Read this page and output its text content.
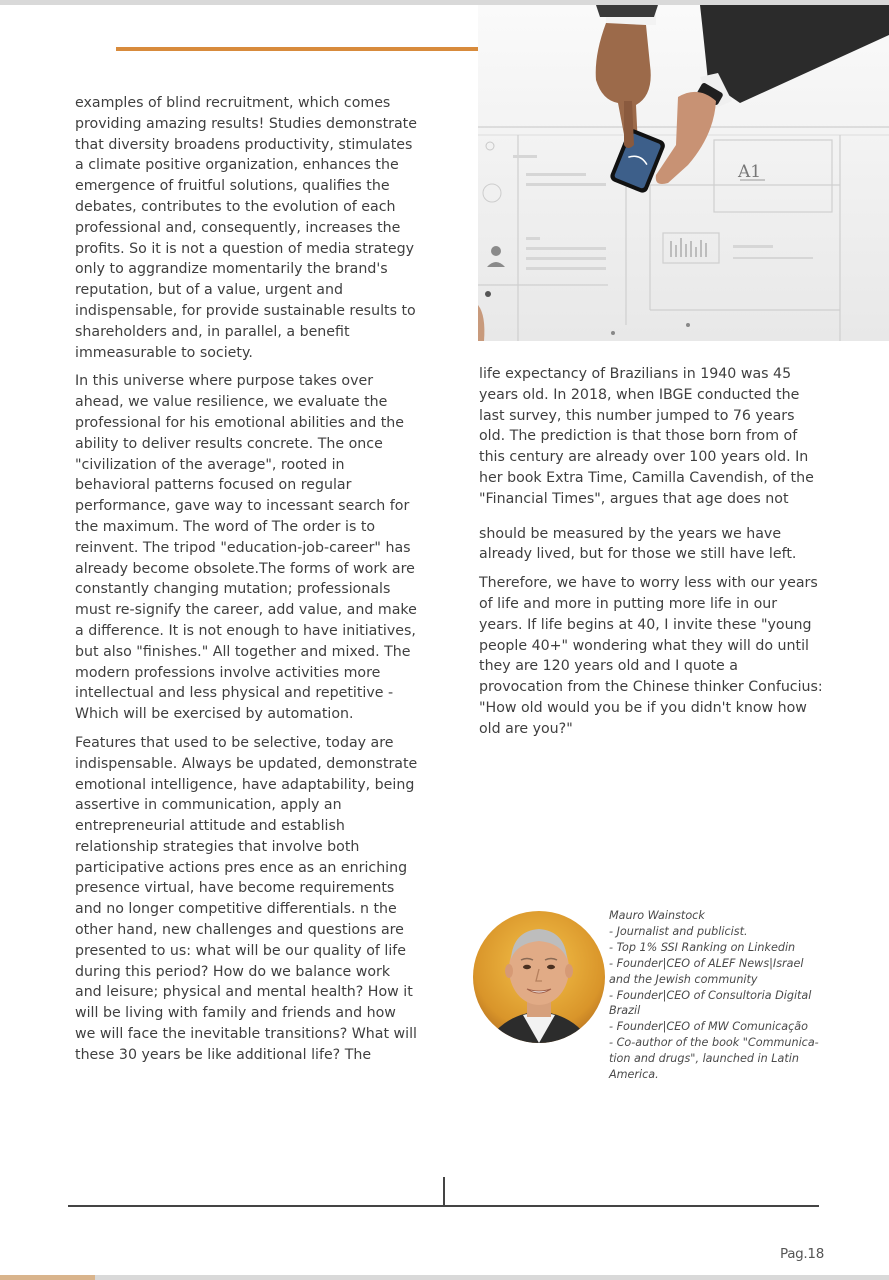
A1

examples of blind recruitment, which comes providing amazing results! Studies demonstrate that diversity broadens productivity, stimulates a climate positive organization, enhances the emergence of fruitful solutions, qualifies the debates, contributes to the evolution of each professional and, consequently, increases the profits. So it is not a question of media strategy only to aggrandize momentarily the brand's reputation, but of a value, urgent and indispensable, for provide sustainable results to shareholders and, in parallel, a benefit immeasurable to society.

In this universe where purpose takes over ahead, we value resilience, we evaluate the professional for his emotional abilities and the ability to deliver results concrete. The once "civilization of the average", rooted in behavioral patterns focused on regular performance, gave way to incessant search for the maximum. The word of The order is to reinvent. The tripod "education-job-career" has already become obsolete.The forms of work are constantly changing mutation; professionals must re-signify the career, add value, and make a difference. It is not enough to have initiatives, but also "finishes." All together and mixed. The modern professions involve activities more intellectual and less physical and repetitive - Which will be exercised by automation.

Features that used to be selective, today are indispensable. Always be updated, demonstrate emotional intelligence, have adaptability, being assertive in communication, apply an entrepreneurial attitude and establish relationship strategies that involve both participative actions pres ence as an enriching presence virtual, have become requirements and no longer competitive differentials. n the other hand, new challenges and questions are presented to us: what will be our quality of life during this period? How do we balance work and leisure; physical and mental health? How it will be living with family and friends and how we will face the inevitable transitions? What will these 30 years be like additional life? The

life expectancy of Brazilians in 1940 was 45 years old. In 2018, when IBGE conducted the last survey, this number jumped to 76 years old. The prediction is that those born from of this century are already over 100 years old. In her book Extra Time, Camilla Cavendish, of the "Financial Times", argues that age does not

should be measured by the years we have already lived, but for those we still have left.

Therefore, we have to worry less with our years of life and more in putting more life in our years. If life begins at 40, I invite these "young people 40+" wondering what they will do until they are 120 years old and I quote a provocation from the Chinese thinker Confucius: "How old would you be if you didn't know how old are you?"

Mauro Wainstock
- Journalist and publicist.
- Top 1% SSI Ranking on Linkedin
- Founder|CEO of ALEF News|Israel
and the Jewish community
- Founder|CEO of Consultoria Digital
Brazil
- Founder|CEO of MW Comunicação
- Co-author of the book "Communica-
tion and drugs", launched in Latin
America.
Pag.18
